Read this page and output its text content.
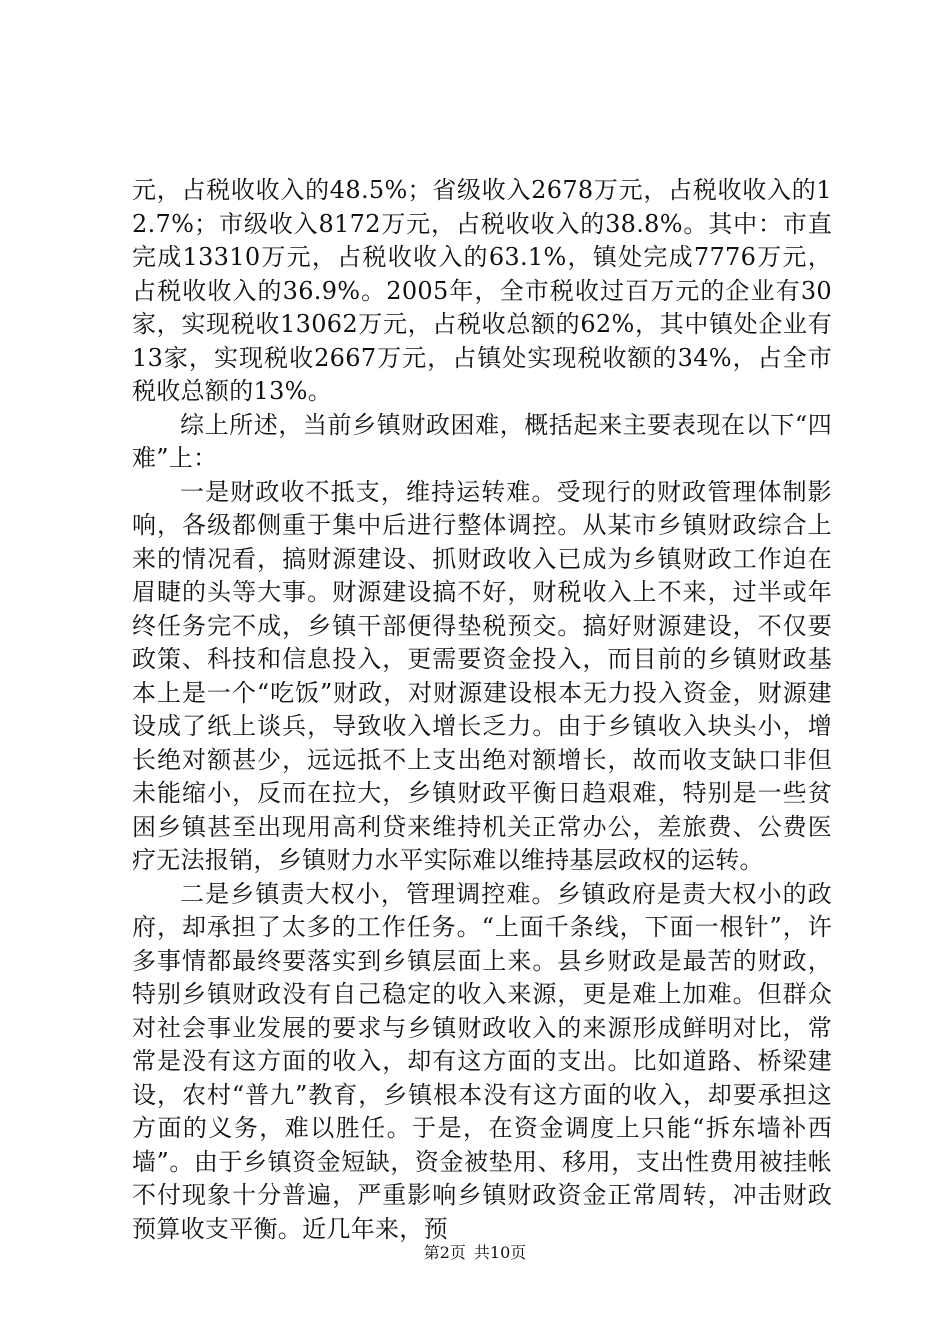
元，占税收收入的48.5%；省级收入2678万元，占税收收入的12.7%；市级收入8172万元，占税收收入的38.8%。其中：市直完成13310万元，占税收收入的63.1%，镇处完成7776万元，占税收收入的36.9%。2005年，全市税收过百万元的企业有30家，实现税收13062万元，占税收总额的62%，其中镇处企业有13家，实现税收2667万元，占镇处实现税收额的34%，占全市税收总额的13%。

综上所述，当前乡镇财政困难，概括起来主要表现在以下“四难”上：

一是财政收不抵支，维持运转难。受现行的财政管理体制影响，各级都侧重于集中后进行整体调控。从某市乡镇财政综合上来的情况看，搞财源建设、抓财政收入已成为乡镇财政工作迫在眉睫的头等大事。财源建设搞不好，财税收入上不来，过半或年终任务完不成，乡镇干部便得垫税预交。搞好财源建设，不仅要政策、科技和信息投入，更需要资金投入，而目前的乡镇财政基本上是一个“吃饭”财政，对财源建设根本无力投入资金，财源建设成了纸上谈兵，导致收入增长乏力。由于乡镇收入块头小，增长绝对额甚少，远远抵不上支出绝对额增长，故而收支缺口非但未能缩小，反而在拉大，乡镇财政平衡日趋艰难，特别是一些贫困乡镇甚至出现用高利贷来维持机关正常办公，差旅费、公费医疗无法报销，乡镇财力水平实际难以维持基层政权的运转。

二是乡镇责大权小，管理调控难。乡镇政府是责大权小的政府，却承担了太多的工作任务。“上面千条线，下面一根针”，许多事情都最终要落实到乡镇层面上来。县乡财政是最苦的财政，特别乡镇财政没有自己稳定的收入来源，更是难上加难。但群众对社会事业发展的要求与乡镇财政收入的来源形成鲜明对比，常常是没有这方面的收入，却有这方面的支出。比如道路、桥梁建设，农村“普九”教育，乡镇根本没有这方面的收入，却要承担这方面的义务，难以胜任。于是，在资金调度上只能“拆东墙补西墙”。由于乡镇资金短缺，资金被垫用、移用，支出性费用被挂帐不付现象十分普遍，严重影响乡镇财政资金正常周转，冲击财政预算收支平衡。近几年来，预

第2页 共10页
